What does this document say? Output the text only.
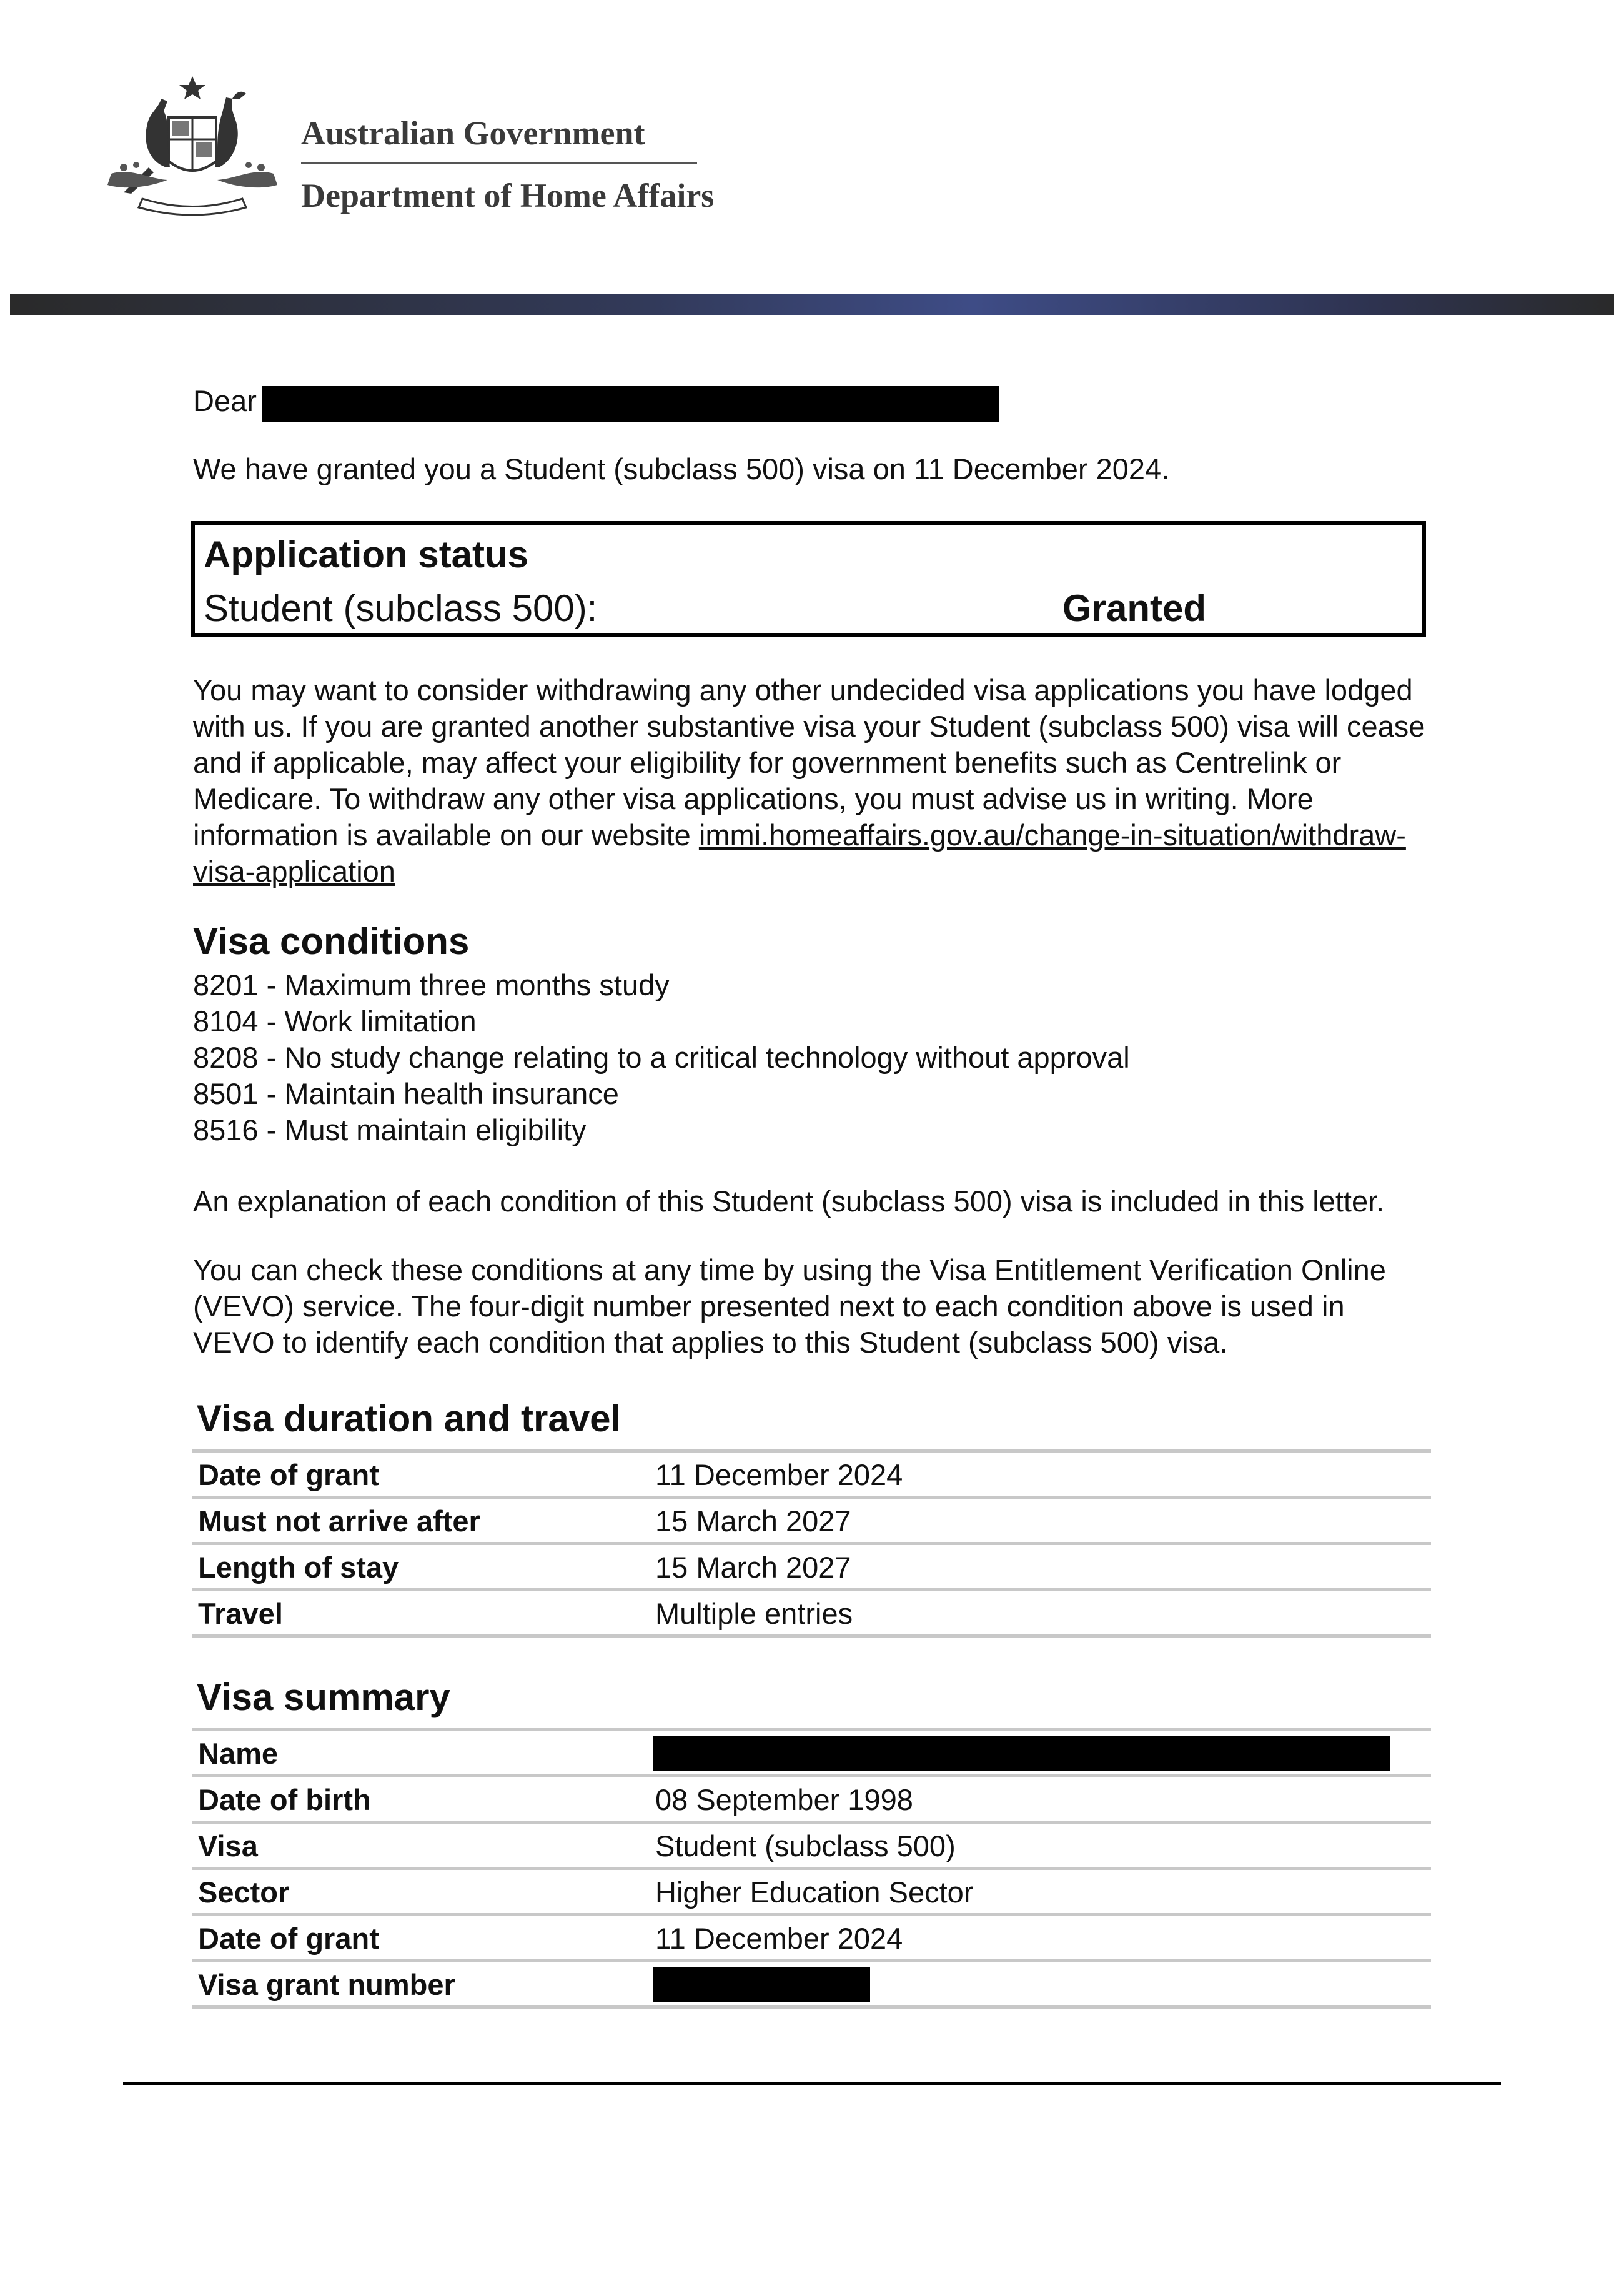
Australian Government
Department of Home Affairs
Dear
We have granted you a Student (subclass 500) visa on 11 December 2024.
Application status
Student (subclass 500):	Granted
You may want to consider withdrawing any other undecided visa applications you have lodged with us. If you are granted another substantive visa your Student (subclass 500) visa will cease and if applicable, may affect your eligibility for government benefits such as Centrelink or Medicare. To withdraw any other visa applications, you must advise us in writing. More information is available on our website immi.homeaffairs.gov.au/change-in-situation/withdraw-visa-application
Visa conditions
8201 - Maximum three months study
8104 - Work limitation
8208 - No study change relating to a critical technology without approval
8501 - Maintain health insurance
8516 - Must maintain eligibility
An explanation of each condition of this Student (subclass 500) visa is included in this letter.
You can check these conditions at any time by using the Visa Entitlement Verification Online
(VEVO) service. The four-digit number presented next to each condition above is used in
VEVO to identify each condition that applies to this Student (subclass 500) visa.
Visa duration and travel
Date of grant	11 December 2024
Must not arrive after	15 March 2027
Length of stay	15 March 2027
Travel	Multiple entries
Visa summary
Name
Date of birth	08 September 1998
Visa	Student (subclass 500)
Sector	Higher Education Sector
Date of grant	11 December 2024
Visa grant number
